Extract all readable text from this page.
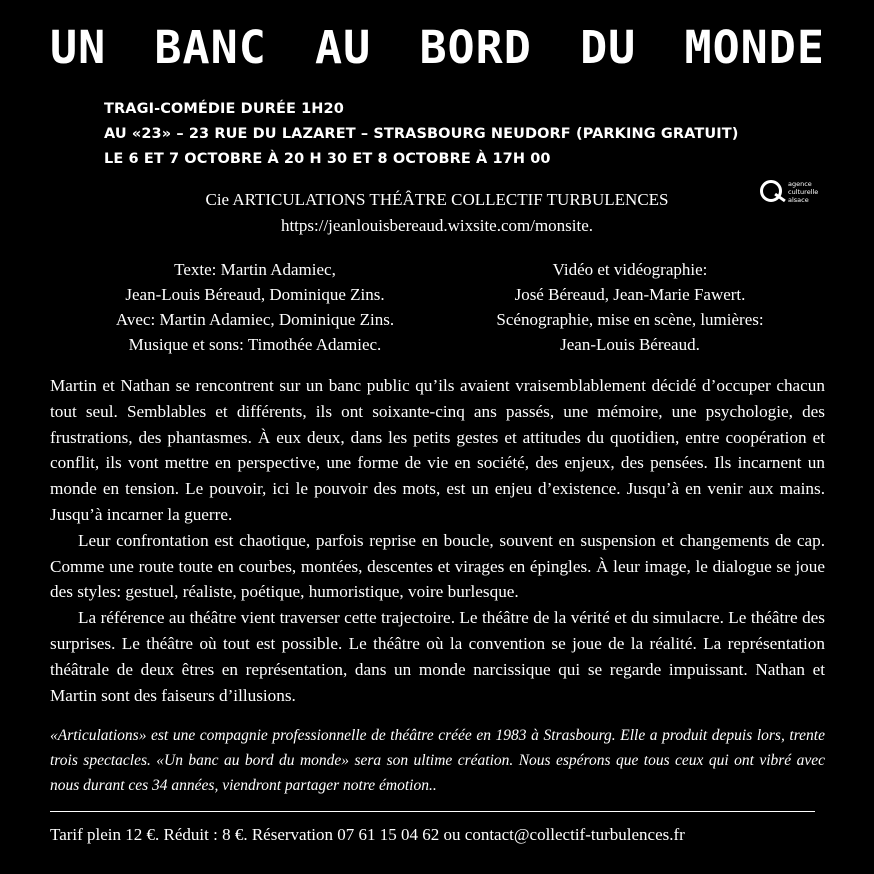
UN BANC AU BORD DU MONDE
TRAGI-COMÉDIE DURÉE 1H20
AU «23» – 23 RUE DU LAZARET – STRASBOURG NEUDORF (PARKING GRATUIT)
LE 6 ET 7 OCTOBRE À 20 H 30 ET 8 OCTOBRE À 17H 00
Cie ARTICULATIONS THÉÂTRE COLLECTIF TURBULENCES
https://jeanlouisbereaud.wixsite.com/monsite.
agence
culturelle
alsace
Texte: Martin Adamiec,
Jean-Louis Béreaud, Dominique Zins.
Avec: Martin Adamiec, Dominique Zins.
Musique et sons: Timothée Adamiec.
Vidéo et vidéographie:
José Béreaud, Jean-Marie Fawert.
Scénographie, mise en scène, lumières:
Jean-Louis Béreaud.

Martin et Nathan se rencontrent sur un banc public qu’ils avaient vraisemblablement décidé d’occuper chacun tout seul. Semblables et différents, ils ont soixante-cinq ans passés, une mémoire, une psychologie, des frustrations, des phantasmes. À eux deux, dans les petits gestes et attitudes du quotidien, entre coopération et conflit, ils vont mettre en perspective, une forme de vie en société, des enjeux, des pensées. Ils incarnent un monde en tension. Le pouvoir, ici le pouvoir des mots, est un enjeu d’existence. Jusqu’à en venir aux mains. Jusqu’à incarner la guerre.

Leur confrontation est chaotique, parfois reprise en boucle, souvent en suspension et changements de cap. Comme une route toute en courbes, montées, descentes et virages en épingles. À leur image, le dialogue se joue des styles: gestuel, réaliste, poétique, humoristique, voire burlesque.

La référence au théâtre vient traverser cette trajectoire. Le théâtre de la vérité et du simulacre. Le théâtre des surprises. Le théâtre où tout est possible. Le théâtre où la convention se joue de la réalité. La représentation théâtrale de deux êtres en représentation, dans un monde narcissique qui se regarde impuissant. Nathan et Martin sont des faiseurs d’illusions.

«Articulations» est une compagnie professionnelle de théâtre créée en 1983 à Strasbourg. Elle a produit depuis lors, trente trois spectacles. «Un banc au bord du monde» sera son ultime création. Nous espérons que tous ceux qui ont vibré avec nous durant ces 34 années, viendront partager notre émotion..
Tarif plein 12 €. Réduit : 8 €. Réservation 07 61 15 04 62 ou contact@collectif-turbulences.fr
